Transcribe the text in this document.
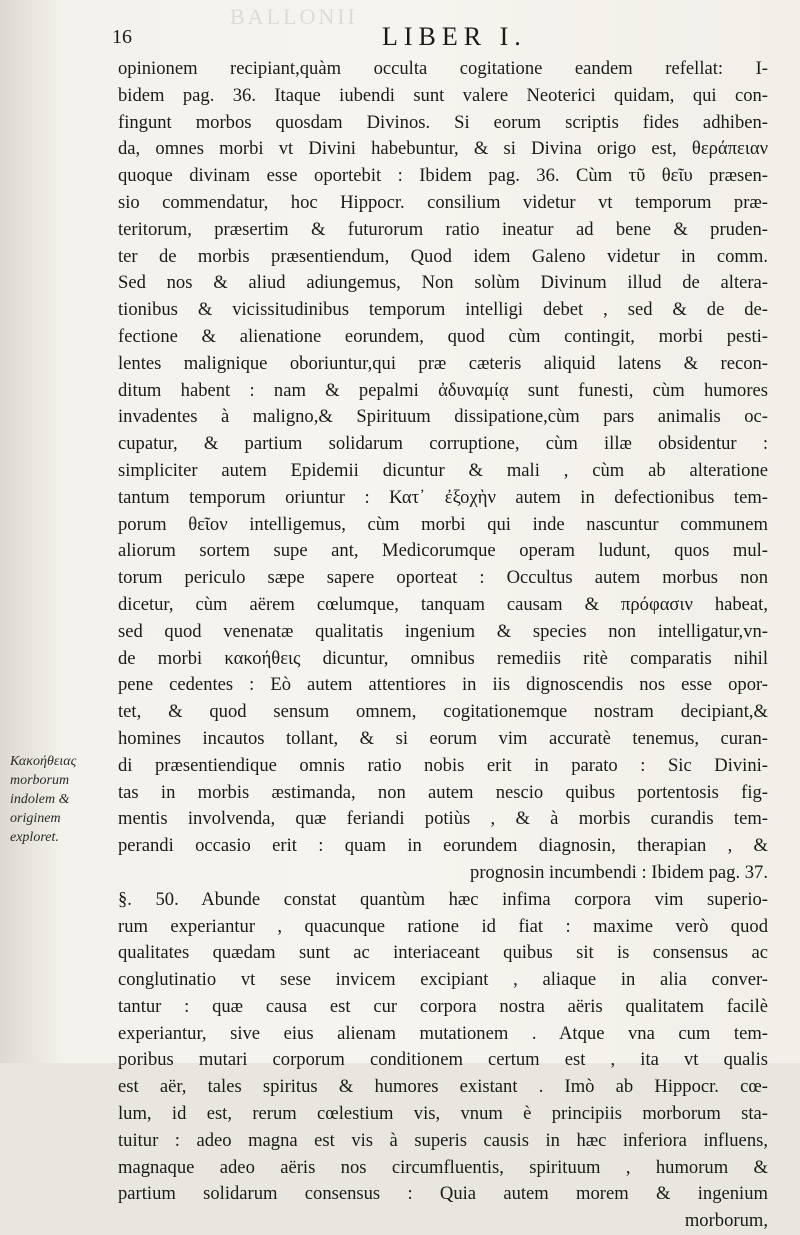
BALLONII
16	LIBER I.
Κακοήθειας
morborum
indolem &
originem
exploret.
opinionem recipiant,quàm occulta cogitatione eandem refellat: I-
bidem pag. 36. Itaque iubendi sunt valere Neoterici quidam, qui con-
fingunt morbos quosdam Divinos. Si eorum scriptis fides adhiben-
da, omnes morbi vt Divini habebuntur, & si Divina origo est, θεράπειαν
quoque divinam esse oportebit : Ibidem pag. 36. Cùm τῦ θεῖυ præsen-
sio commendatur, hoc Hippocr. consilium videtur vt temporum præ-
teritorum, præsertim & futurorum ratio ineatur ad bene & pruden-
ter de morbis præsentiendum, Quod idem Galeno videtur in comm.
Sed nos & aliud adiungemus, Non solùm Divinum illud de altera-
tionibus & vicissitudinibus temporum intelligi debet , sed & de de-
fectione & alienatione eorundem, quod cùm contingit, morbi pesti-
lentes malignique oboriuntur,qui præ cæteris aliquid latens & recon-
ditum habent : nam & pepalmi ἀδυναμίᾳ sunt funesti, cùm humores
invadentes à maligno,& Spirituum dissipatione,cùm pars animalis oc-
cupatur, & partium solidarum corruptione, cùm illæ obsidentur :
simpliciter autem Epidemii dicuntur & mali , cùm ab alteratione
tantum temporum oriuntur : Κατ᾽ ἐξοχὴν autem in defectionibus tem-
porum θεῖον intelligemus, cùm morbi qui inde nascuntur communem
aliorum sortem supe ant, Medicorumque operam ludunt, quos mul-
torum periculo sæpe sapere oporteat : Occultus autem morbus non
dicetur, cùm aërem cœlumque, tanquam causam & πρόφασιν habeat,
sed quod venenatæ qualitatis ingenium & species non intelligatur,vn-
de morbi κακοήθεις dicuntur, omnibus remediis ritè comparatis nihil
pene cedentes : Eò autem attentiores in iis dignoscendis nos esse opor-
tet, & quod sensum omnem, cogitationemque nostram decipiant,&
homines incautos tollant, & si eorum vim accuratè tenemus, curan-
di præsentiendique omnis ratio nobis erit in parato : Sic Divini-
tas in morbis æstimanda, non autem nescio quibus portentosis fig-
mentis involvenda, quæ feriandi potiùs , & à morbis curandis tem-
perandi occasio erit : quam in eorundem diagnosin, therapian , &
prognosin incumbendi : Ibidem pag. 37.
§. 50. Abunde constat quantùm hæc infima corpora vim superio-
rum experiantur , quacunque ratione id fiat : maxime verò quod
qualitates quædam sunt ac interiaceant quibus sit is consensus ac
conglutinatio vt sese invicem excipiant , aliaque in alia conver-
tantur : quæ causa est cur corpora nostra aëris qualitatem facilè
experiantur, sive eius alienam mutationem . Atque vna cum tem-
poribus mutari corporum conditionem certum est , ita vt qualis
est aër, tales spiritus & humores existant . Imò ab Hippocr. cœ-
lum, id est, rerum cœlestium vis, vnum è principiis morborum sta-
tuitur : adeo magna est vis à superis causis in hæc inferiora influens,
magnaque adeo aëris nos circumfluentis, spirituum , humorum &
partium solidarum consensus : Quia autem morem & ingenium
morborum,
